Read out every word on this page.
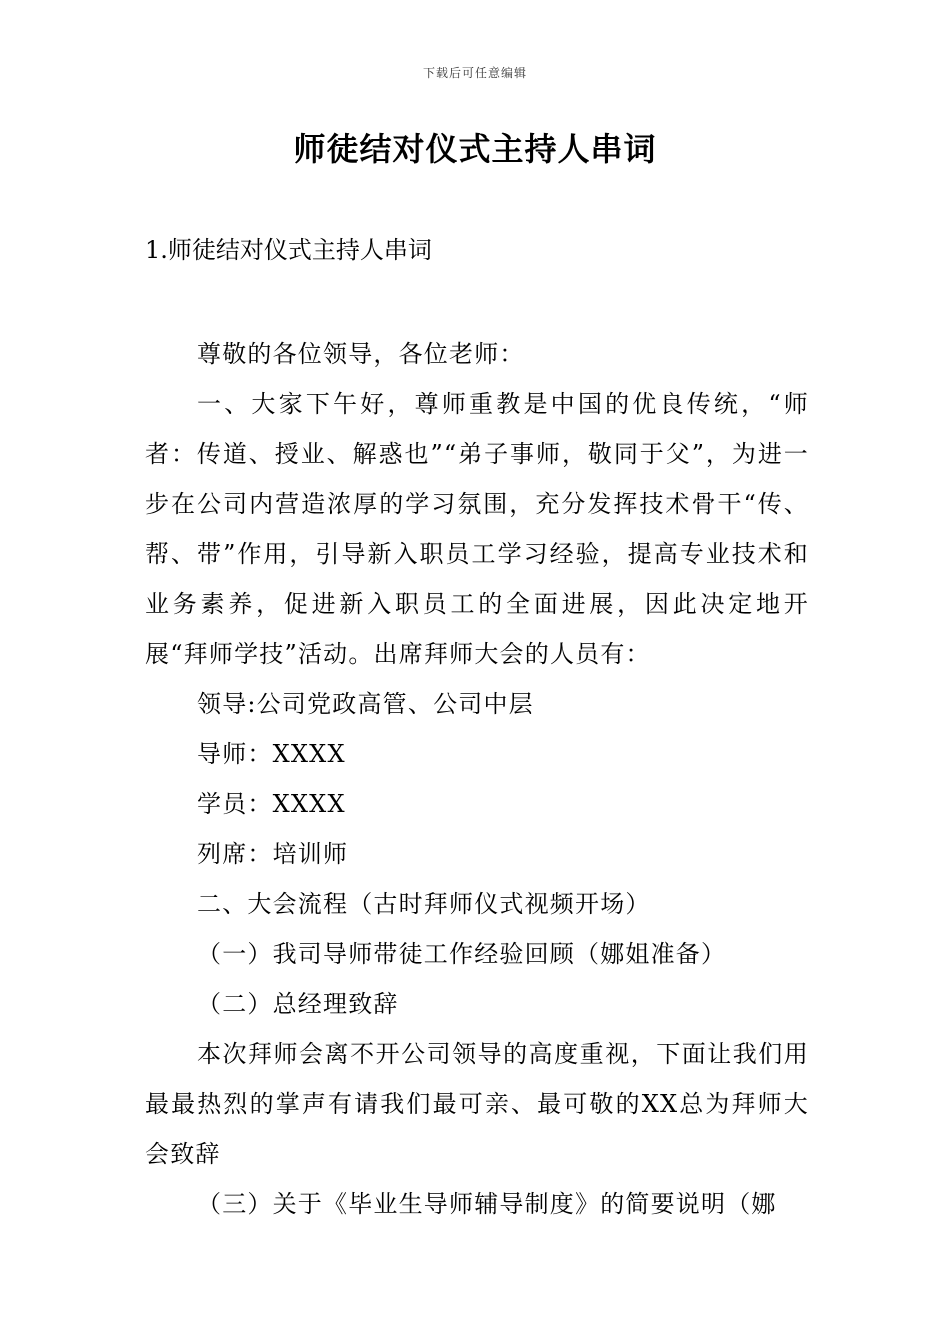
下载后可任意编辑
师徒结对仪式主持人串词
1.师徒结对仪式主持人串词

尊敬的各位领导，各位老师：

一、大家下午好，尊师重教是中国的优良传统，“师者：传道、授业、解惑也”“弟子事师，敬同于父”，为进一步在公司内营造浓厚的学习氛围，充分发挥技术骨干“传、帮、带”作用，引导新入职员工学习经验，提高专业技术和业务素养，促进新入职员工的全面进展，因此决定地开展“拜师学技”活动。出席拜师大会的人员有：

领导:公司党政高管、公司中层

导师：XXXX

学员：XXXX

列席：培训师

二、大会流程（古时拜师仪式视频开场）

（一）我司导师带徒工作经验回顾（娜姐准备）

（二）总经理致辞

本次拜师会离不开公司领导的高度重视，下面让我们用最最热烈的掌声有请我们最可亲、最可敬的XX总为拜师大会致辞

（三）关于《毕业生导师辅导制度》的简要说明（娜
